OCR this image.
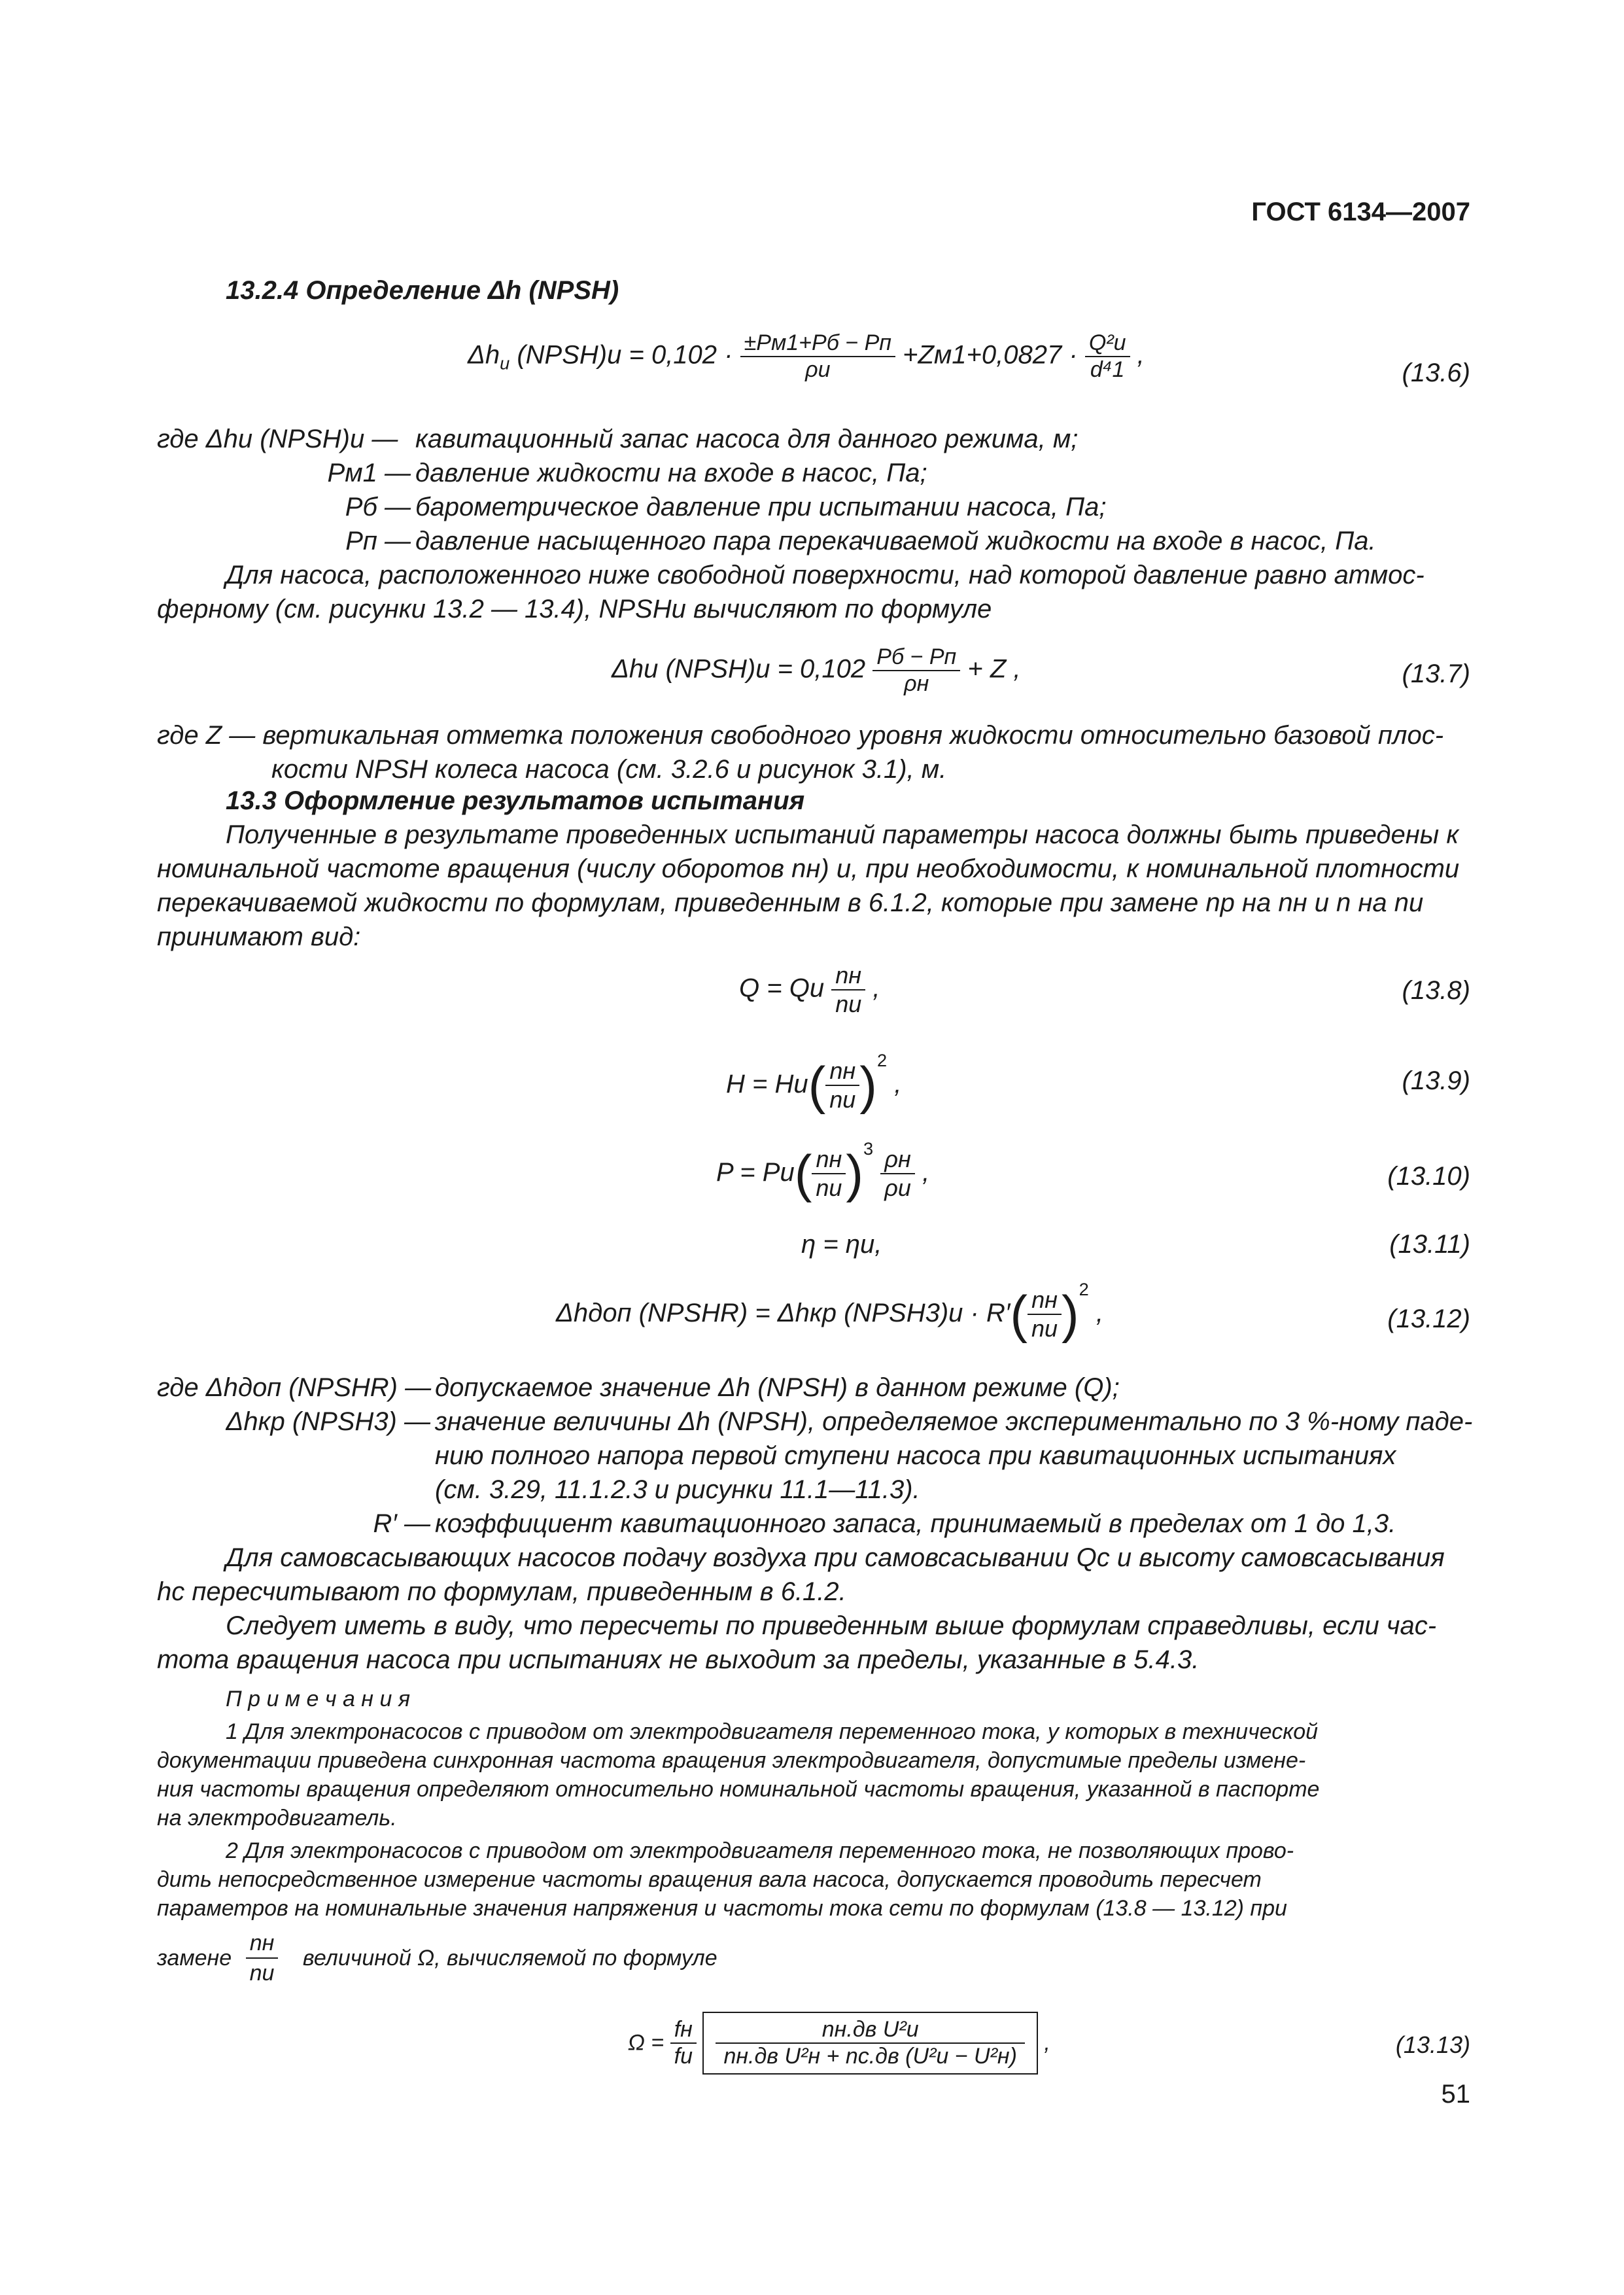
ГОСТ 6134—2007
13.2.4 Определение Δh (NPSH)
$\Delta h_u$ (NPSH)u = $0,102 \cdot \frac{\pm Pм1+Pб - Pп}{\rho u} +Zм1+0,0827 \cdot \frac{\text{Q²u}}{\text{d⁴1}}$ ,
(13.6)
где Δhu (NPSH)u — кавитационный запас насоса для данного режима, м;
Pм1 — давление жидкости на входе в насос, Па;
Pб — барометрическое давление при испытании насоса, Па;
Pп — давление насыщенного пара перекачиваемой жидкости на входе в насос, Па.
Для насоса, расположенного ниже свободной поверхности, над которой давление равно атмос-
ферному (см. рисунки 13.2 — 13.4), NPSHu вычисляют по формуле
Δhu (NPSH)u = $0,102 \frac{Pб - Pп}{\rho н} + Z$ ,	(13.7)
где Z — вертикальная отметка положения свободного уровня жидкости относительно базовой плос-
кости NPSH колеса насоса (см. 3.2.6 и рисунок 3.1), м.
13.3 Оформление результатов испытания
Полученные в результате проведенных испытаний параметры насоса должны быть приведены к
номинальной частоте вращения (числу оборотов nн) и, при необходимости, к номинальной плотности
перекачиваемой жидкости по формулам, приведенным в 6.1.2, которые при замене nр на nн и n на nu
принимают вид:
Q = Qu $\frac{nн}{nu}$ ,	(13.8)
$H = Hu( \frac{nн}{nu} )^2$ ,	(13.9)
$P = Pu( \frac{nн}{nu} )^3 \frac{\rho н}{\rho u}$ ,	(13.10)
η = ηu,	(13.11)
Δhдоп (NPSHR) = Δhкр (NPSH3)u · $R'( \frac{nн}{nu} )^2$ ,	(13.12)
где Δhдоп (NPSHR) — допускаемое значение Δh (NPSH) в данном режиме (Q);
Δhкр (NPSH3) — значение величины Δh (NPSH), определяемое экспериментально по 3 %-ному паде-
нию полного напора первой ступени насоса при кавитационных испытаниях
(см. 3.29, 11.1.2.3 и рисунки 11.1—11.3).
R′ — коэффициент кавитационного запаса, принимаемый в пределах от 1 до 1,3.
Для самовсасывающих насосов подачу воздуха при самовсасывании Qc и высоту самовсасывания
hc пересчитывают по формулам, приведенным в 6.1.2.
Следует иметь в виду, что пересчеты по приведенным выше формулам справедливы, если час-
тота вращения насоса при испытаниях не выходит за пределы, указанные в 5.4.3.
П р и м е ч а н и я
1 Для электронасосов с приводом от электродвигателя переменного тока, у которых в технической
документации приведена синхронная частота вращения электродвигателя, допустимые пределы измене-
ния частоты вращения определяют относительно номинальной частоты вращения, указанной в паспорте
на электродвигатель.
2 Для электронасосов с приводом от электродвигателя переменного тока, не позволяющих прово-
дить непосредственное измерение частоты вращения вала насоса, допускается проводить пересчет
параметров на номинальные значения напряжения и частоты тока сети по формулам (13.8 — 13.12) при
замене $\frac{nн}{nu}$ величиной Ω, вычисляемой по формуле
$\Omega = \frac{fн}{fu}$
$\frac{\text{nн.дв U²u}}{\text{nн.дв U²н + nс.дв (U²u − U²н)}}$ ,	(13.13)
51
